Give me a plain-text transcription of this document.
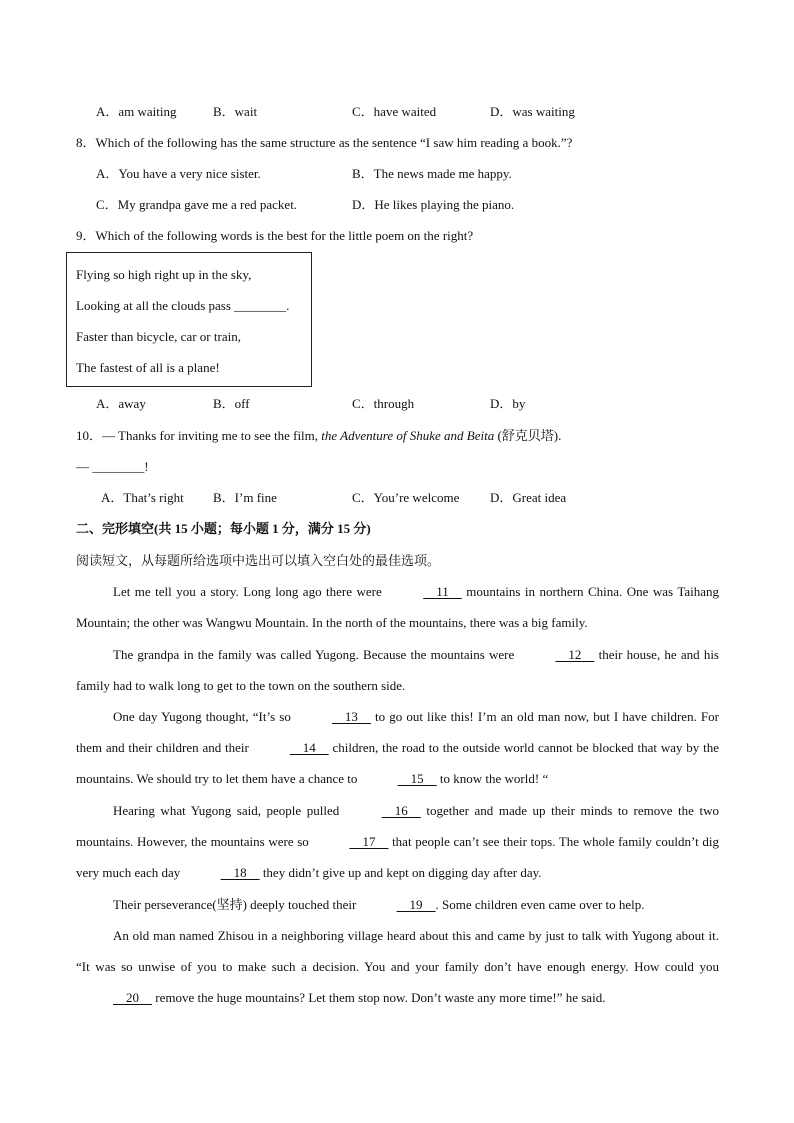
A．am waiting	B．wait	C．have waited	D．was waiting
8．Which of the following has the same structure as the sentence “I saw him reading a book.”?
A．You have a very nice sister.	B．The news made me happy.
C．My grandpa gave me a red packet.	D．He likes playing the piano.
9．Which of the following words is the best for the little poem on the right?
Flying so high right up in the sky,
Looking at all the clouds pass ________.
Faster than bicycle, car or train,
The fastest of all is a plane!
A．away	B．off	C．through	D．by
10．— Thanks for inviting me to see the film, the Adventure of Shuke and Beita (舒克贝塔).
— ________!
A．That’s right B．I’m fine	C．You’re welcome D．Great idea
二、完形填空(共 15 小题；每小题 1 分，满分 15 分)
阅读短文，从每题所给选项中选出可以填入空白处的最佳选项。
Let me tell you a story. Long long ago there were	11     mountains in northern China. One was Taihang Mountain; the other was Wangwu Mountain. In the north of the mountains, there was a big family.
The grandpa in the family was called Yugong. Because the mountains were	12     their house, he and his family had to walk long to get to the town on the southern side.
One day Yugong thought, “It’s so	13     to go out like this! I’m an old man now, but I have children. For them and their children and their	14     children, the road to the outside world cannot be blocked that way by the mountains. We should try to let them have a chance to	15     to know the world! “
Hearing what Yugong said, people pulled	16     together and made up their minds to remove the two mountains. However, the mountains were so	17     that people can’t see their tops. The whole family couldn’t dig very much each day	18     they didn’t give up and kept on digging day after day.
Their perseverance(坚持) deeply touched their	19    . Some children even came over to help.
An old man named Zhisou in a neighboring village heard about this and came by just to talk with Yugong about it. “It was so unwise of you to make such a decision. You and your family don’t have enough energy. How could you     20     remove the huge mountains? Let them stop now. Don’t waste any more time!” he said.
